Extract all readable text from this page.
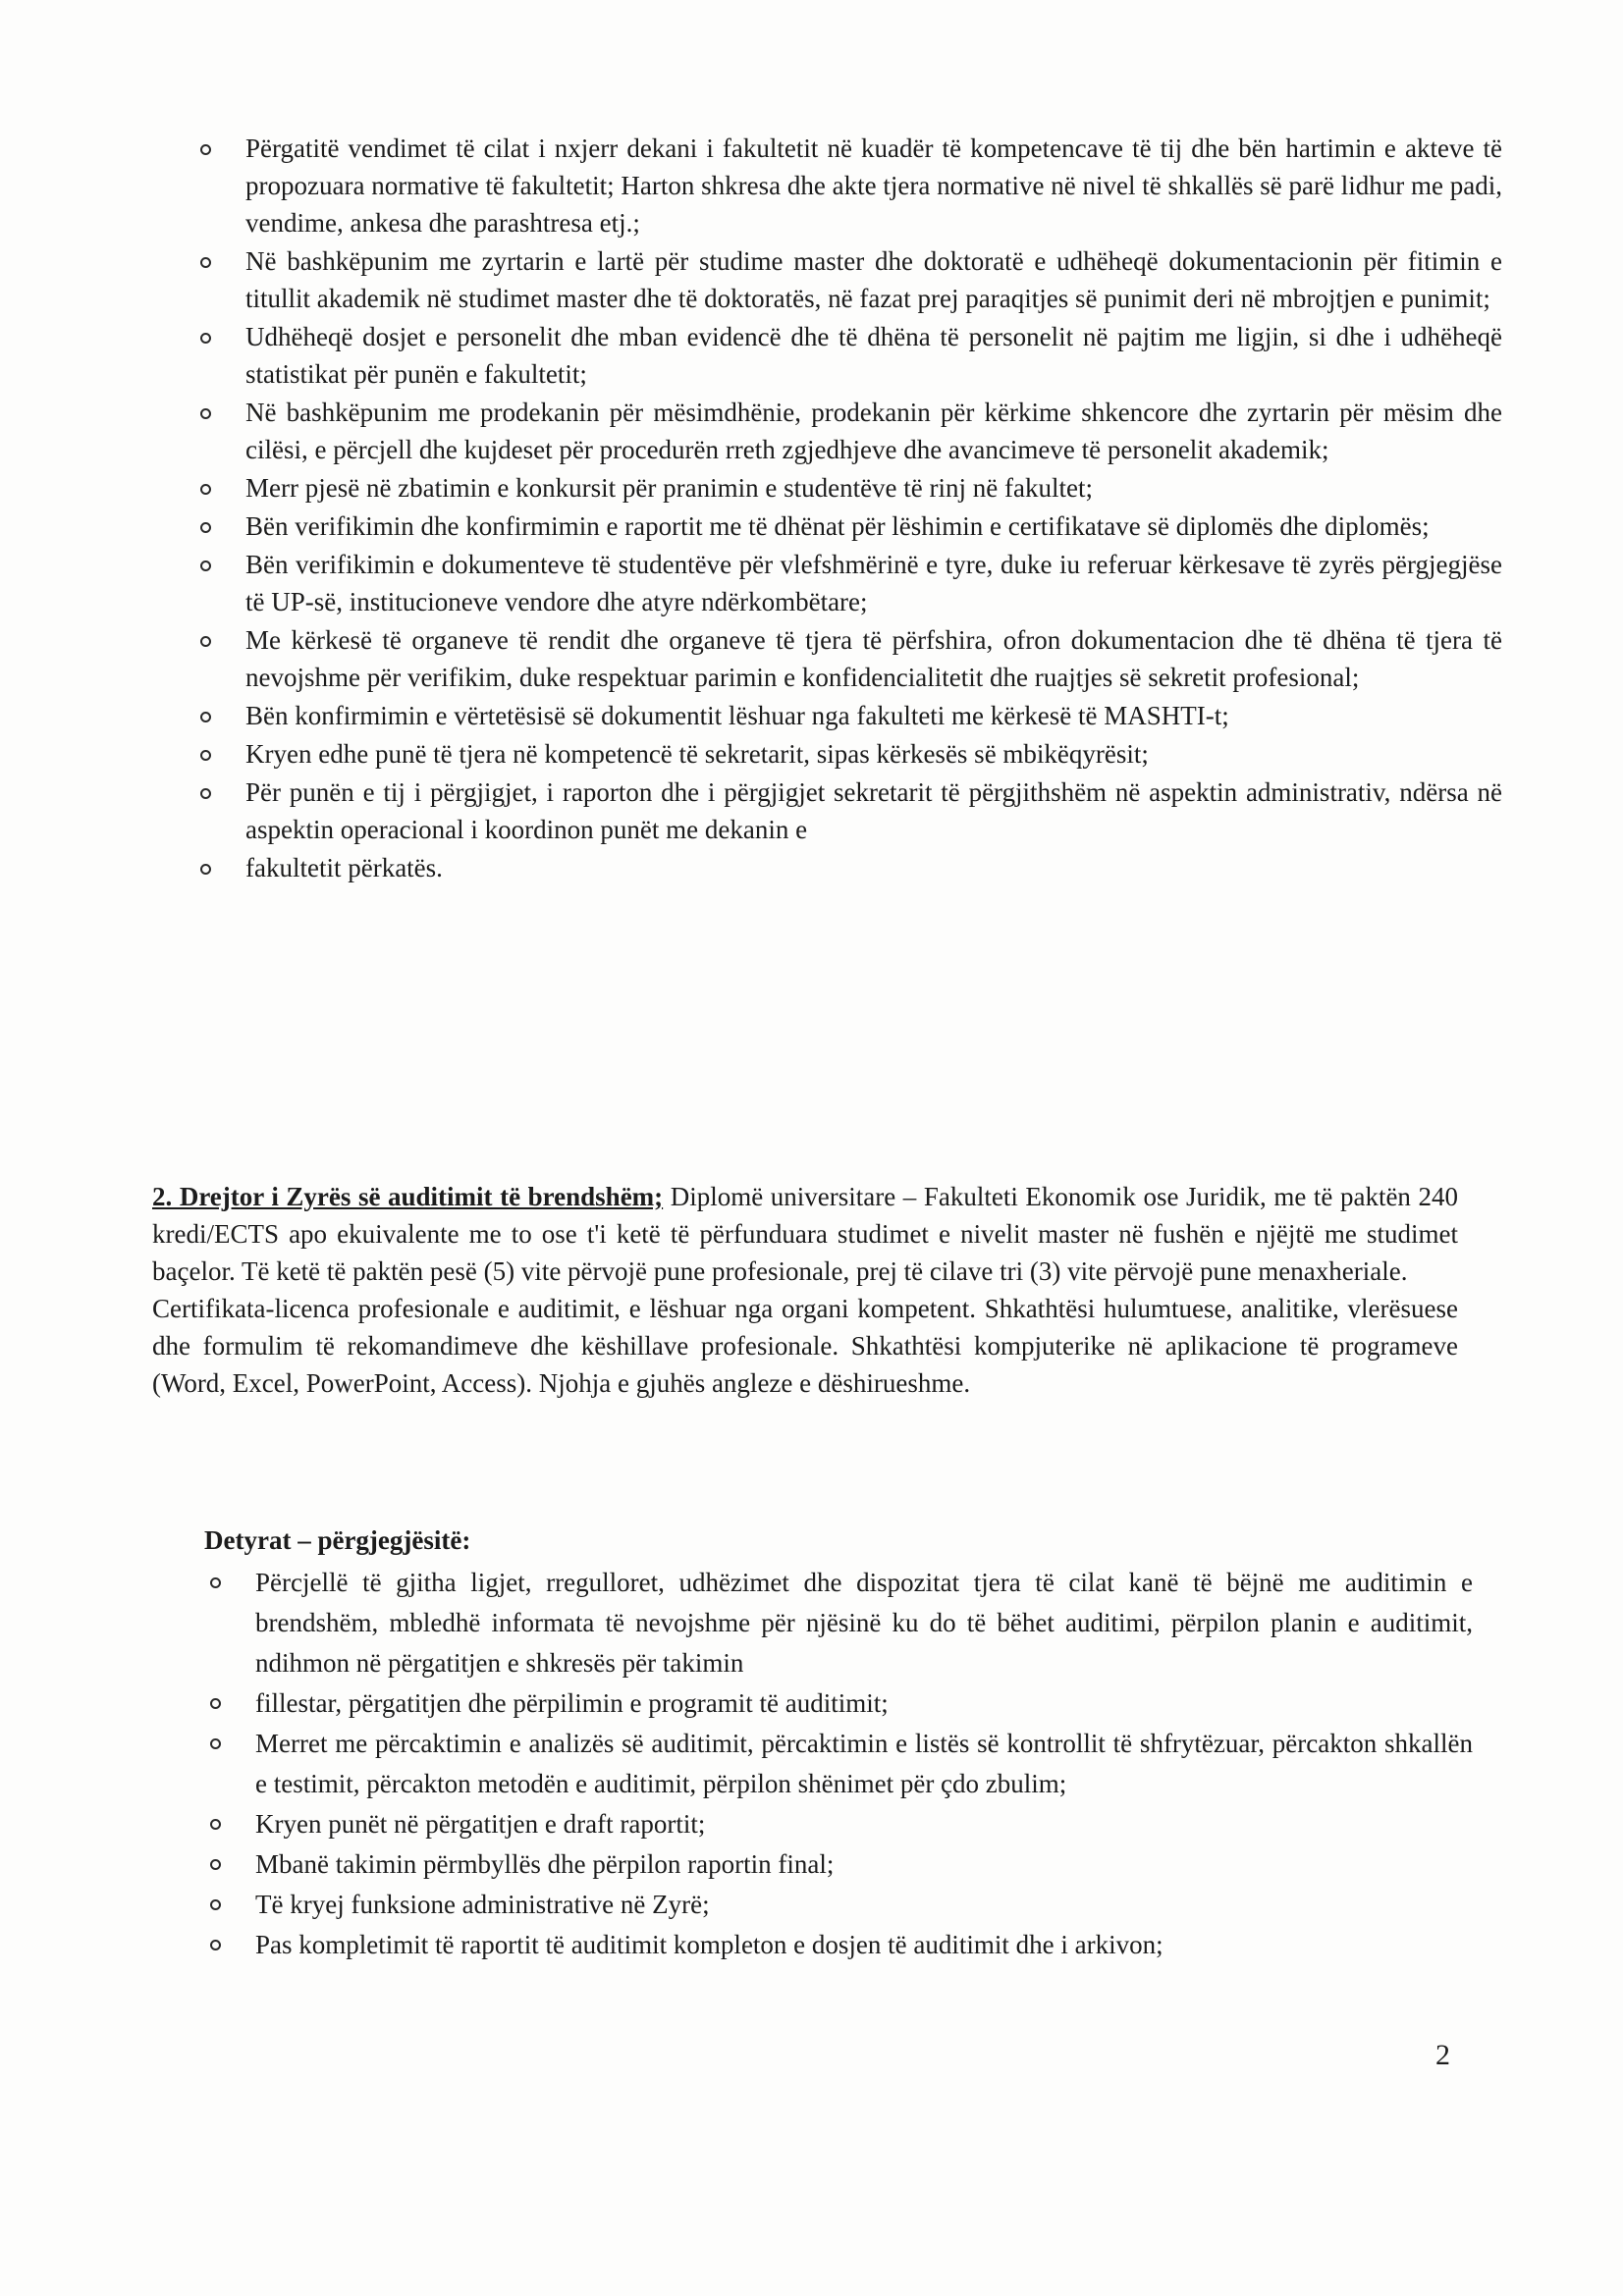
Përgatitë vendimet të cilat i nxjerr dekani i fakultetit në kuadër të kompetencave të tij dhe bën hartimin e akteve të propozuara normative të fakultetit; Harton shkresa dhe akte tjera normative në nivel të shkallës së parë lidhur me padi, vendime, ankesa dhe parashtresa etj.;
Në bashkëpunim me zyrtarin e lartë për studime master dhe doktoratë e udhëheqë dokumentacionin për fitimin e titullit akademik në studimet master dhe të doktoratës, në fazat prej paraqitjes së punimit deri në mbrojtjen e punimit;
Udhëheqë dosjet e personelit dhe mban evidencë dhe të dhëna të personelit në pajtim me ligjin, si dhe i udhëheqë statistikat për punën e fakultetit;
Në bashkëpunim me prodekanin për mësimdhënie, prodekanin për kërkime shkencore dhe zyrtarin për mësim dhe cilësi, e përcjell dhe kujdeset për procedurën rreth zgjedhjeve dhe avancimeve të personelit akademik;
Merr pjesë në zbatimin e konkursit për pranimin e studentëve të rinj në fakultet;
Bën verifikimin dhe konfirmimin e raportit me të dhënat për lëshimin e certifikatave së diplomës dhe diplomës;
Bën verifikimin e dokumenteve të studentëve për vlefshmërinë e tyre, duke iu referuar kërkesave të zyrës përgjegjëse të UP-së, institucioneve vendore dhe atyre ndërkombëtare;
Me kërkesë të organeve të rendit dhe organeve të tjera të përfshira, ofron dokumentacion dhe të dhëna të tjera të nevojshme për verifikim, duke respektuar parimin e konfidencialitetit dhe ruajtjes së sekretit profesional;
Bën konfirmimin e vërtetësisë së dokumentit lëshuar nga fakulteti me kërkesë të MASHTI-t;
Kryen edhe punë të tjera në kompetencë të sekretarit, sipas kërkesës së mbikëqyrësit;
Për punën e tij i përgjigjet, i raporton dhe i përgjigjet sekretarit të përgjithshëm në aspektin administrativ, ndërsa në aspektin operacional i koordinon punët me dekanin e
fakultetit përkatës.

2. Drejtor i Zyrës së auditimit të brendshëm; Diplomë universitare – Fakulteti Ekonomik ose Juridik, me të paktën 240 kredi/ECTS apo ekuivalente me to ose t'i ketë të përfunduara studimet e nivelit master në fushën e njëjtë me studimet baçelor. Të ketë të paktën pesë (5) vite përvojë pune profesionale, prej të cilave tri (3) vite përvojë pune menaxheriale.

Certifikata-licenca profesionale e auditimit, e lëshuar nga organi kompetent. Shkathtësi hulumtuese, analitike, vlerësuese dhe formulim të rekomandimeve dhe këshillave profesionale. Shkathtësi kompjuterike në aplikacione të programeve (Word, Excel, PowerPoint, Access). Njohja e gjuhës angleze e dëshirueshme.

Detyrat – përgjegjësitë:

Përcjellë të gjitha ligjet, rregulloret, udhëzimet dhe dispozitat tjera të cilat kanë të bëjnë me auditimin e brendshëm, mbledhë informata të nevojshme për njësinë ku do të bëhet auditimi, përpilon planin e auditimit, ndihmon në përgatitjen e shkresës për takimin
fillestar, përgatitjen dhe përpilimin e programit të auditimit;
Merret me përcaktimin e analizës së auditimit, përcaktimin e listës së kontrollit të shfrytëzuar, përcakton shkallën e testimit, përcakton metodën e auditimit, përpilon shënimet për çdo zbulim;
Kryen punët në përgatitjen e draft raportit;
Mbanë takimin përmbyllës dhe përpilon raportin final;
Të kryej funksione administrative në Zyrë;
Pas kompletimit të raportit të auditimit kompleton e dosjen të auditimit dhe i arkivon;
2
